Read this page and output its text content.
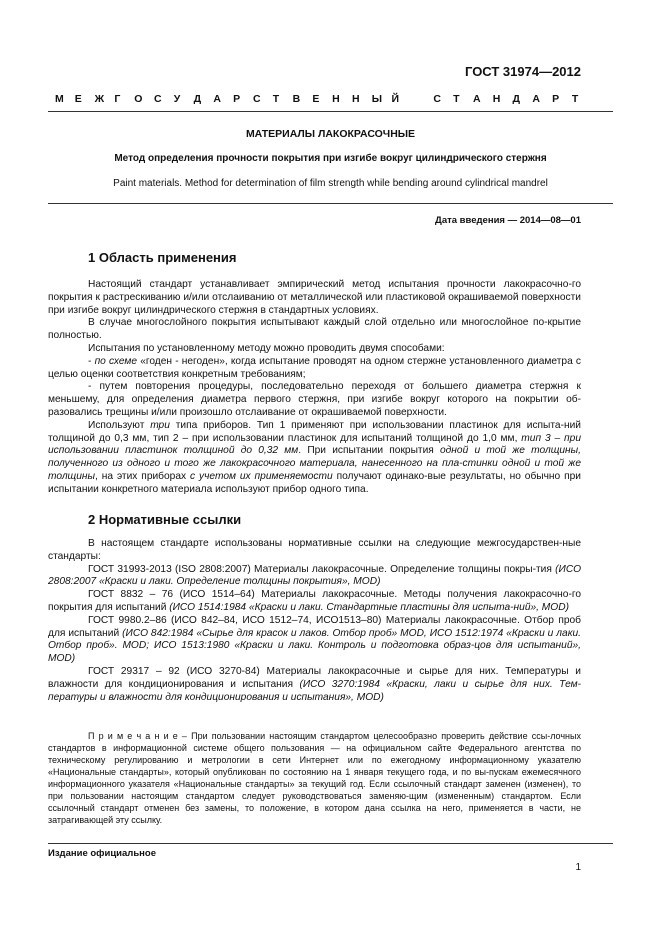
ГОСТ 31974—2012
М Е Ж Г О С У Д А Р С Т В Е Н Н Ы Й	С Т А Н Д А Р Т
МАТЕРИАЛЫ ЛАКОКРАСОЧНЫЕ
Метод определения прочности покрытия при изгибе вокруг цилиндрического стержня
Paint materials. Method for determination of film strength while bending around cylindrical mandrel
Дата введения — 2014—08—01
1 Область применения

Настоящий стандарт устанавливает эмпирический метод испытания прочности лакокрасочно-го покрытия к растрескиванию и/или отслаиванию от металлической или пластиковой окрашиваемой поверхности при изгибе вокруг цилиндрического стержня в стандартных условиях.

В случае многослойного покрытия испытывают каждый слой отдельно или многослойное по-крытие полностью.

Испытания по установленному методу можно проводить двумя способами:

- по схеме «годен - негоден», когда испытание проводят на одном стержне установленного диаметра с целью оценки соответствия конкретным требованиям;

- путем повторения процедуры, последовательно переходя от большего диаметра стержня к меньшему, для определения диаметра первого стержня, при изгибе вокруг которого на покрытии об-разовались трещины и/или произошло отслаивание от окрашиваемой поверхности.

Используют три типа приборов. Тип 1 применяют при использовании пластинок для испыта-ний толщиной до 0,3 мм, тип 2 – при использовании пластинок для испытаний толщиной до 1,0 мм, тип 3 – при использовании пластинок толщиной до 0,32 мм. При испытании покрытия одной и той же толщины, полученного из одного и того же лакокрасочного материала, нанесенного на пла-стинки одной и той же толщины, на этих приборах с учетом их применяемости получают одинако-вые результаты, но обычно при испытании конкретного материала используют прибор одного типа.

2 Нормативные ссылки

В настоящем стандарте использованы нормативные ссылки на следующие межгосударствен-ные стандарты:

ГОСТ 31993-2013 (ISO 2808:2007) Материалы лакокрасочные. Определение толщины покры-тия (ИСО 2808:2007 «Краски и лаки. Определение толщины покрытия», MOD)

ГОСТ 8832 – 76 (ИСО 1514–64) Материалы лакокрасочные. Методы получения лакокрасочно-го покрытия для испытаний (ИСО 1514:1984 «Краски и лаки. Стандартные пластины для испыта-ний», MOD)

ГОСТ 9980.2–86 (ИСО 842–84, ИСО 1512–74, ИСО1513–80) Материалы лакокрасочные. Отбор проб для испытаний (ИСО 842:1984 «Сырье для красок и лаков. Отбор проб» MOD, ИСО 1512:1974 «Краски и лаки. Отбор проб». MOD; ИСО 1513:1980 «Краски и лаки. Контроль и подготовка образ-цов для испытаний», MOD)

ГОСТ 29317 – 92 (ИСО 3270-84) Материалы лакокрасочные и сырье для них. Температуры и влажности для кондиционирования и испытания (ИСО 3270:1984 «Краски, лаки и сырье для них. Тем-пературы и влажности для кондиционирования и испытания», MOD)

П р и м е ч а н и е – При пользовании настоящим стандартом целесообразно проверить действие ссы-лочных стандартов в информационной системе общего пользования — на официальном сайте Федерального агентства по техническому регулированию и метрологии в сети Интернет или по ежегодному информационному указателю «Национальные стандарты», который опубликован по состоянию на 1 января текущего года, и по вы-пускам ежемесячного информационного указателя «Национальные стандарты» за текущий год. Если ссылочный стандарт заменен (изменен), то при пользовании настоящим стандартом следует руководствоваться заменяю-щим (измененным) стандартом. Если ссылочный стандарт отменен без замены, то положение, в котором дана ссылка на него, применяется в части, не затрагивающей эту ссылку.
Издание официальное
1
